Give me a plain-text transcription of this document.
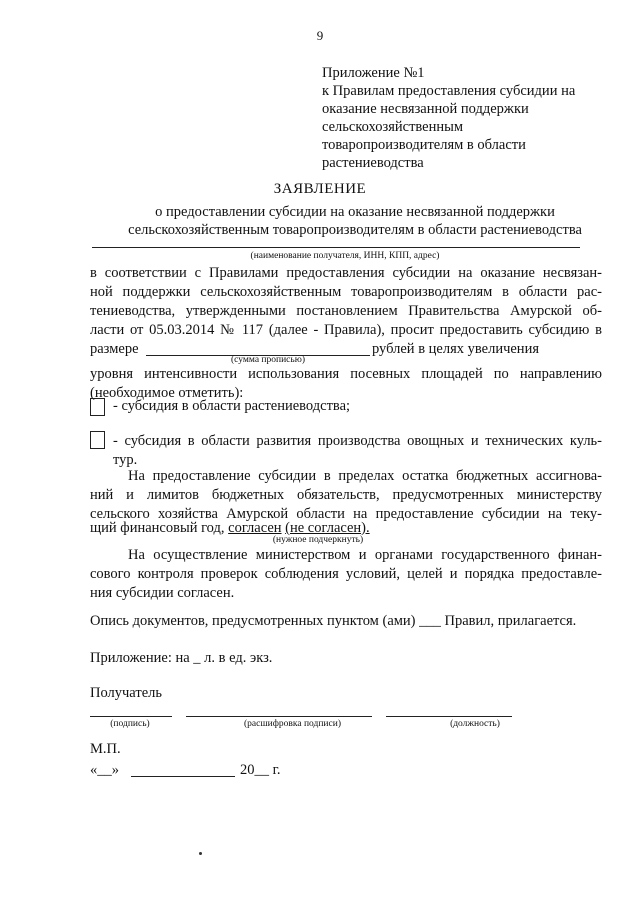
9
Приложение №1
к Правилам предоставления субсидии на
оказание несвязанной поддержки
сельскохозяйственным
товаропроизводителям в области
растениеводства
ЗАЯВЛЕНИЕ
о предоставлении субсидии на оказание несвязанной поддержки
сельскохозяйственным товаропроизводителям в области растениеводства
(наименование получателя, ИНН, КПП, адрес)
в соответствии с Правилами предоставления субсидии на оказание несвязан-
ной поддержки сельскохозяйственным товаропроизводителям в области рас-
тениеводства, утвержденными постановлением Правительства Амурской об-
ласти от 05.03.2014 № 117 (далее - Правила), просит предоставить субсидию в
размере	рублей в целях увеличения
(сумма прописью)
уровня интенсивности использования посевных площадей по направлению
(необходимое отметить):
- субсидия в области растениеводства;
- субсидия в области развития производства овощных и технических куль-
тур.
На предоставление субсидии в пределах остатка бюджетных ассигнова-
ний и лимитов бюджетных обязательств, предусмотренных министерству
сельского хозяйства Амурской области на предоставление субсидии на теку-
щий финансовый год, согласен (не согласен).
(нужное подчеркнуть)
На осуществление министерством и органами государственного финан-
сового контроля проверок соблюдения условий, целей и порядка предоставле-
ния субсидии согласен.
Опись документов, предусмотренных пунктом (ами) ___ Правил, прилагается.
Приложение: на _ л. в ед. экз.
Получатель
(подпись)	(расшифровка подписи)	(должность)
М.П.
«__»	20__ г.
